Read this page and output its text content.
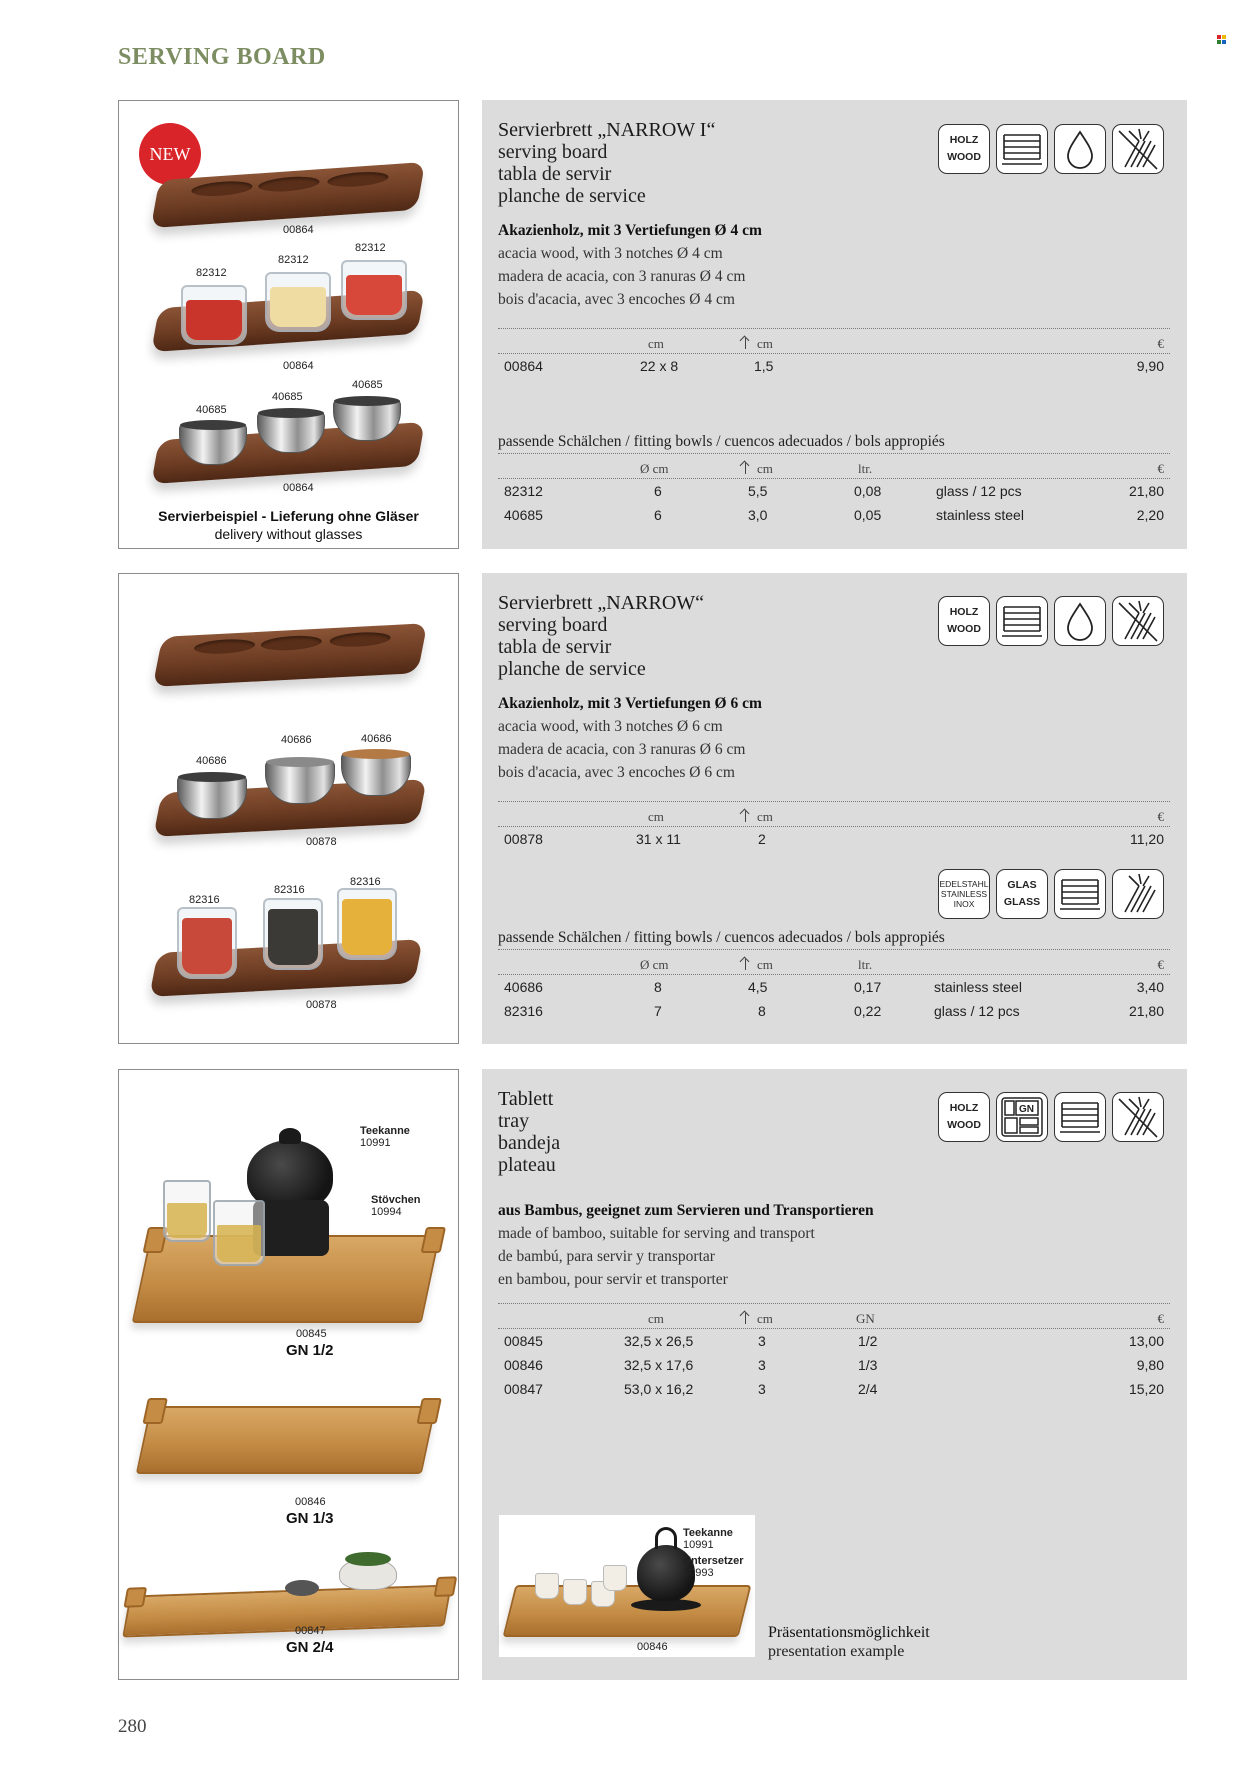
SERVING BOARD
NEW
00864
82312
82312
82312
00864
40685
40685
40685
00864
Servierbeispiel - Lieferung ohne Gläser
delivery without glasses
Servierbrett „NARROW I“
serving board
tabla de servir
planche de service
HOLZ
WOOD
Akazienholz, mit 3 Vertiefungen Ø 4 cm
acacia wood, with 3 notches Ø 4 cm
madera de acacia, con 3 ranuras Ø 4 cm
bois d'acacia, avec 3 encoches Ø 4 cm
cm	cm	€
00864	22 x 8	1,5	9,90
passende Schälchen / fitting bowls / cuencos adecuados / bols appropiés
Ø cm	cm	ltr.	€
82312	6	5,5	0,08	glass / 12 pcs	21,80
40685	6	3,0	0,05	stainless steel	2,20
40686
40686	40686
00878
82316
82316
82316
00878
Servierbrett „NARROW“
serving board
tabla de servir
planche de service
HOLZ
WOOD
Akazienholz, mit 3 Vertiefungen Ø 6 cm
acacia wood, with 3 notches Ø 6 cm
madera de acacia, con 3 ranuras Ø 6 cm
bois d'acacia, avec 3 encoches Ø 6 cm
cm	cm	€
00878	31 x 11	2	11,20
EDELSTAHL
STAINLESS
INOX
GLAS
GLASS
passende Schälchen / fitting bowls / cuencos adecuados / bols appropiés
Ø cm	cm	ltr.	€
40686	8	4,5	0,17	stainless steel	3,40
82316	7	8	0,22	glass / 12 pcs	21,80
Teekanne
10991
Stövchen
10994
00845
GN 1/2
00846
GN 1/3
00847
GN 2/4
Tablett
tray
bandeja
plateau
HOLZ
WOOD
GN
aus Bambus, geeignet zum Servieren und Transportieren
made of bamboo, suitable for serving and transport
de bambú, para servir y transportar
en bambou, pour servir et transporter
cm	cm	GN	€
00845	32,5 x 26,5	3	1/2	13,00
00846	32,5 x 17,6	3	1/3	9,80
00847	53,0 x 16,2	3	2/4	15,20
Teekanne
10991
Untersetzer
10993
00846
Präsentationsmöglichkeit
presentation example
280
